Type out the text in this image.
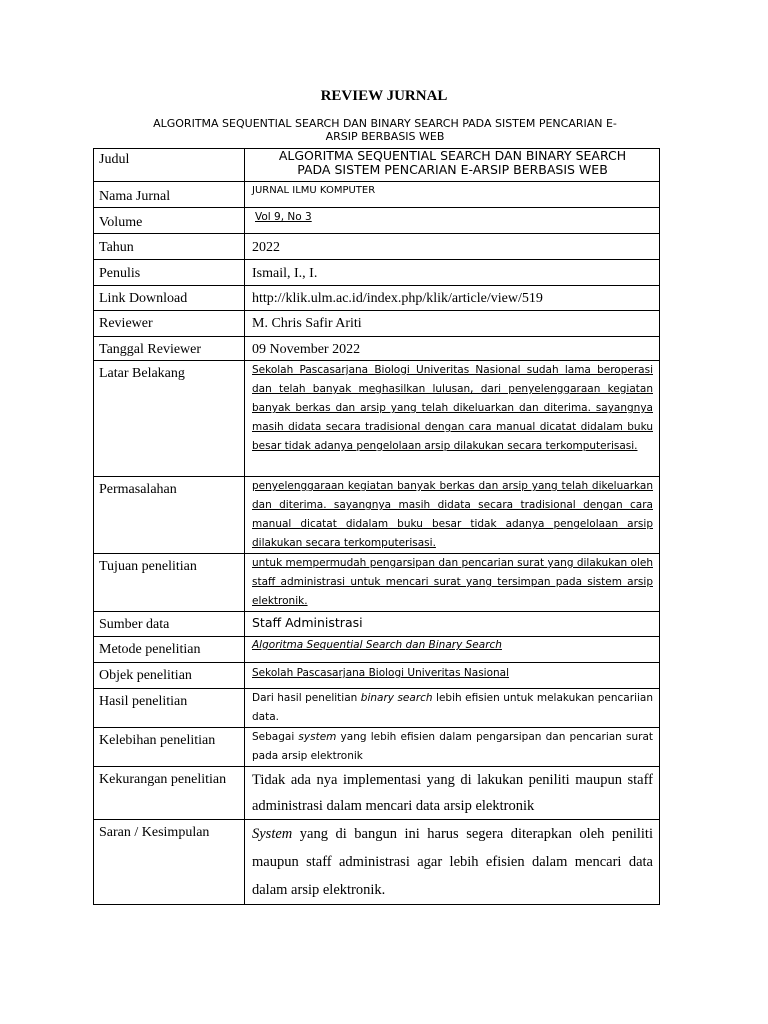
REVIEW JURNAL
ALGORITMA SEQUENTIAL SEARCH DAN BINARY SEARCH PADA SISTEM PENCARIAN E-
ARSIP BERBASIS WEB
Judul	ALGORITMA SEQUENTIAL SEARCH DAN BINARY SEARCH
PADA SISTEM PENCARIAN E-ARSIP BERBASIS WEB

Nama Jurnal	JURNAL ILMU KOMPUTER
Volume	Vol 9, No 3
Tahun	2022
Penulis	Ismail, I., I.
Link Download	http://klik.ulm.ac.id/index.php/klik/article/view/519
Reviewer	M. Chris Safir Ariti
Tanggal Reviewer	09 November 2022
Latar Belakang	Sekolah Pascasarjana Biologi Univeritas Nasional sudah lama beroperasi dan telah banyak meghasilkan lulusan, dari penyelenggaraan kegiatan banyak berkas dan arsip yang telah dikeluarkan dan diterima. sayangnya masih didata secara tradisional dengan cara manual dicatat didalam buku besar tidak adanya pengelolaan arsip dilakukan secara terkomputerisasi.
Permasalahan	penyelenggaraan kegiatan banyak berkas dan arsip yang telah dikeluarkan dan diterima. sayangnya masih didata secara tradisional dengan cara manual dicatat didalam buku besar tidak adanya pengelolaan arsip dilakukan secara terkomputerisasi.
Tujuan penelitian	untuk mempermudah pengarsipan dan pencarian surat yang dilakukan oleh staff administrasi untuk mencari surat yang tersimpan pada sistem arsip elektronik.
Sumber data	Staff Administrasi
Metode penelitian	Algoritma Sequential Search dan Binary Search
Objek penelitian	Sekolah Pascasarjana Biologi Univeritas Nasional
Hasil penelitian	Dari hasil penelitian binary search lebih efisien untuk melakukan pencariian data.
Kelebihan penelitian	Sebagai system yang lebih efisien dalam pengarsipan dan pencarian surat pada arsip elektronik
Kekurangan penelitian	Tidak ada nya implementasi yang di lakukan peniliti maupun staff administrasi dalam mencari data arsip elektronik
Saran / Kesimpulan	System yang di bangun ini harus segera diterapkan oleh peniliti maupun staff administrasi agar lebih efisien dalam mencari data dalam arsip elektronik.
